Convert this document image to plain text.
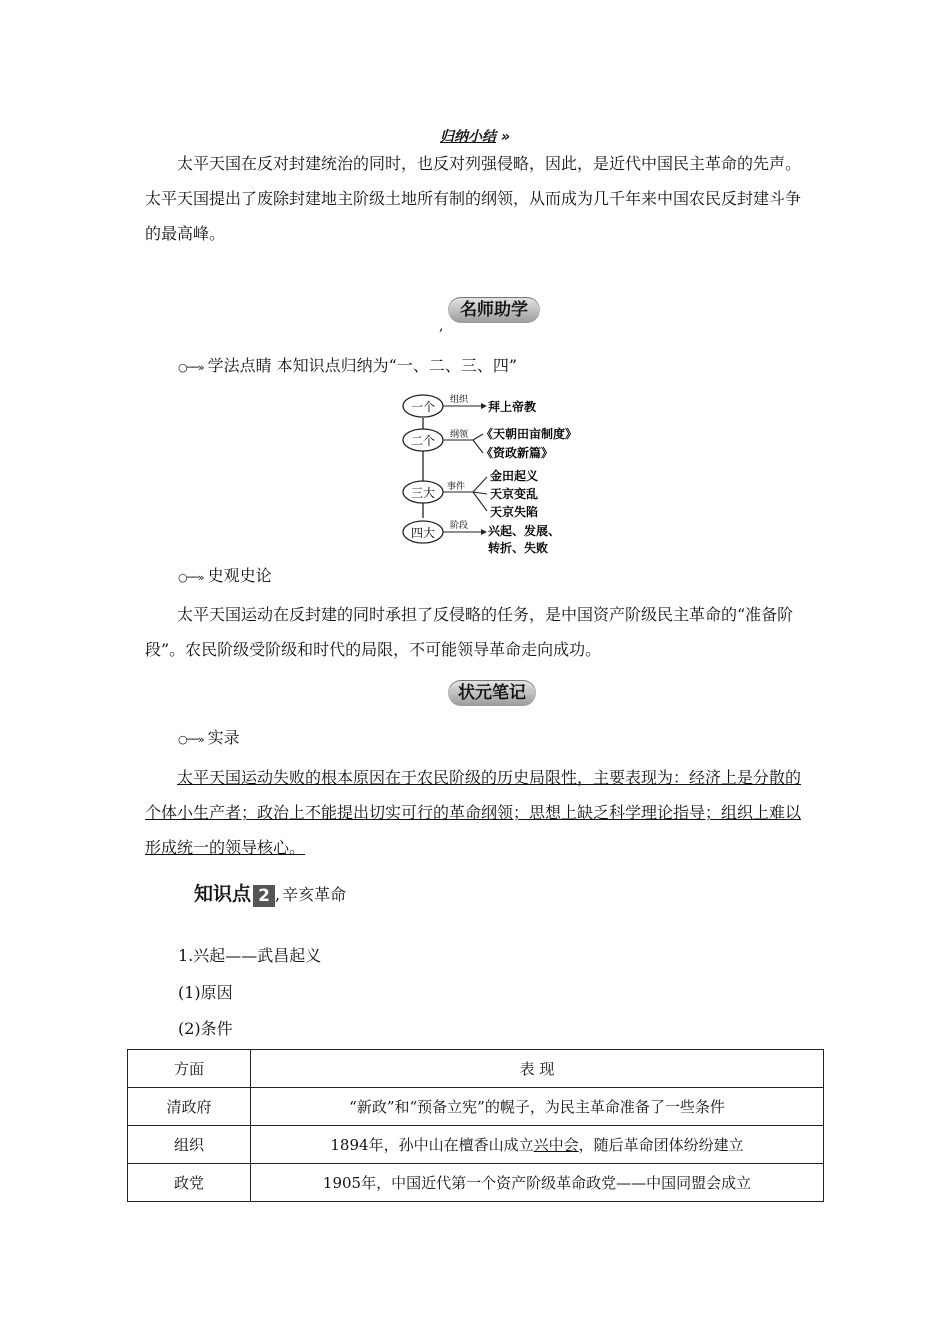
归纳小结 »
太平天国在反对封建统治的同时，也反对列强侵略，因此，是近代中国民主革命的先声。太平天国提出了废除封建地主阶级土地所有制的纲领，从而成为几千年来中国农民反封建斗争的最高峰。
名师助学
,
○──» 学法点睛 本知识点归纳为“一、二、三、四”
一个 组织 拜上帝教
二个 纲领 《天朝田亩制度》
《资政新篇》
三大 事件
金田起义
天京变乱
天京失陷
四大 阶段 兴起、发展、
转折、失败
○──» 史观史论
太平天国运动在反封建的同时承担了反侵略的任务，是中国资产阶级民主革命的“准备阶段”。农民阶级受阶级和时代的局限，不可能领导革命走向成功。
状元笔记
○──» 实录
太平天国运动失败的根本原因在于农民阶级的历史局限性，主要表现为：经济上是分散的个体小生产者；政治上不能提出切实可行的革命纲领；思想上缺乏科学理论指导；组织上难以形成统一的领导核心。
知识点 2 , 辛亥革命
1.兴起——武昌起义
(1)原因
(2)条件
方面	表 现
清政府	“新政”和“预备立宪”的幌子，为民主革命准备了一些条件
组织	1894年，孙中山在檀香山成立兴中会，随后革命团体纷纷建立
政党	1905年，中国近代第一个资产阶级革命政党——中国同盟会成立
